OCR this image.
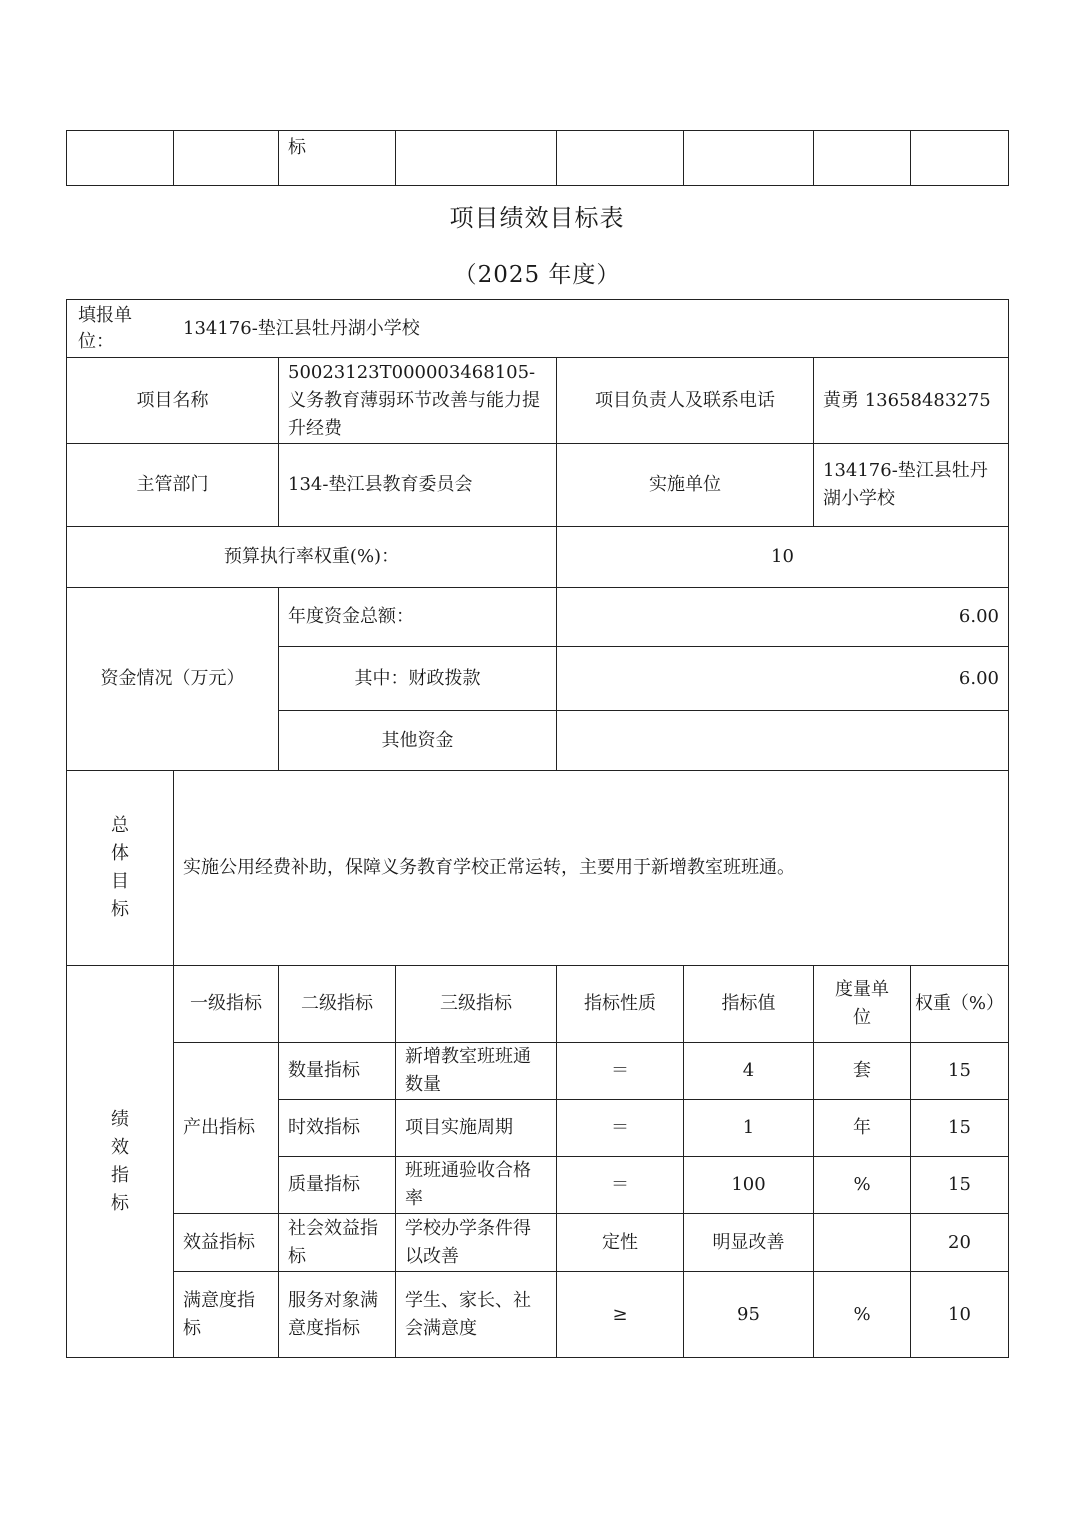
		标					
项目绩效目标表
（2025 年度）
填报单位：
134176-垫江县牡丹湖小学校							

项目名称		50023123T000003468105-义务教育薄弱环节改善与能力提升经费		项目负责人及联系电话		黄勇 13658483275	
主管部门		134-垫江县教育委员会		实施单位		134176-垫江县牡丹湖小学校	
预算执行率权重(%)：				10			
资金情况（万元）		年度资金总额：		6.00			
		其中：财政拨款		6.00			
		其他资金					

总体目标	实施公用经费补助，保障义务教育学校正常运转，主要用于新增教室班班通。						

绩效指标	一级指标	二级指标	三级指标	指标性质	指标值	度量单位	权重（%）
	产出指标	数量指标	新增教室班班通数量	＝	4	套	15
		时效指标	项目实施周期	＝	1	年	15
		质量指标	班班通验收合格率	＝	100	%	15
	效益指标	社会效益指标	学校办学条件得以改善	定性	明显改善		20
	满意度指标	服务对象满意度指标	学生、家长、社会满意度	≥	95	%	10
